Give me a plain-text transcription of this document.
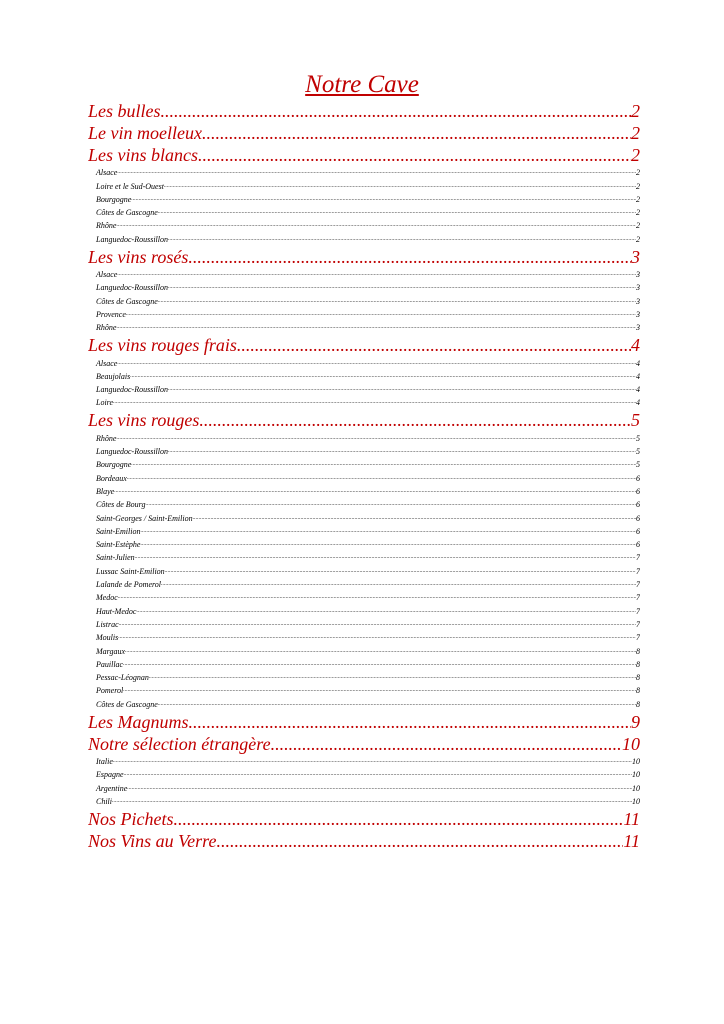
Notre Cave
Les bulles .....	2
Le vin moelleux .....	2
Les vins blancs .....	2
Alsace .....	2
Loire et le Sud-Ouest .....	2
Bourgogne .....	2
Côtes de Gascogne .....	2
Rhône .....	2
Languedoc-Roussillon .....	2
Les vins rosés .....	3
Alsace .....	3
Languedoc-Roussillon .....	3
Côtes de Gascogne .....	3
Provence .....	3
Rhône .....	3
Les vins rouges frais .....	4
Alsace .....	4
Beaujolais .....	4
Languedoc-Roussillon .....	4
Loire .....	4
Les vins rouges .....	5
Rhône .....	5
Languedoc-Roussillon .....	5
Bourgogne .....	5
Bordeaux .....	6
Blaye .....	6
Côtes de Bourg .....	6
Saint-Georges / Saint-Emilion .....	6
Saint-Emilion .....	6
Saint-Estèphe .....	6
Saint-Julien .....	7
Lussac Saint-Emilion .....	7
Lalande de Pomerol .....	7
Medoc .....	7
Haut-Medoc .....	7
Listrac .....	7
Moulis .....	7
Margaux .....	8
Pauillac .....	8
Pessac-Léognan .....	8
Pomerol .....	8
Côtes de Gascogne .....	8
Les Magnums .....	9
Notre sélection étrangère .....	10
Italie .....	10
Espagne .....	10
Argentine .....	10
Chili .....	10
Nos Pichets .....	11
Nos Vins au Verre .....	11
